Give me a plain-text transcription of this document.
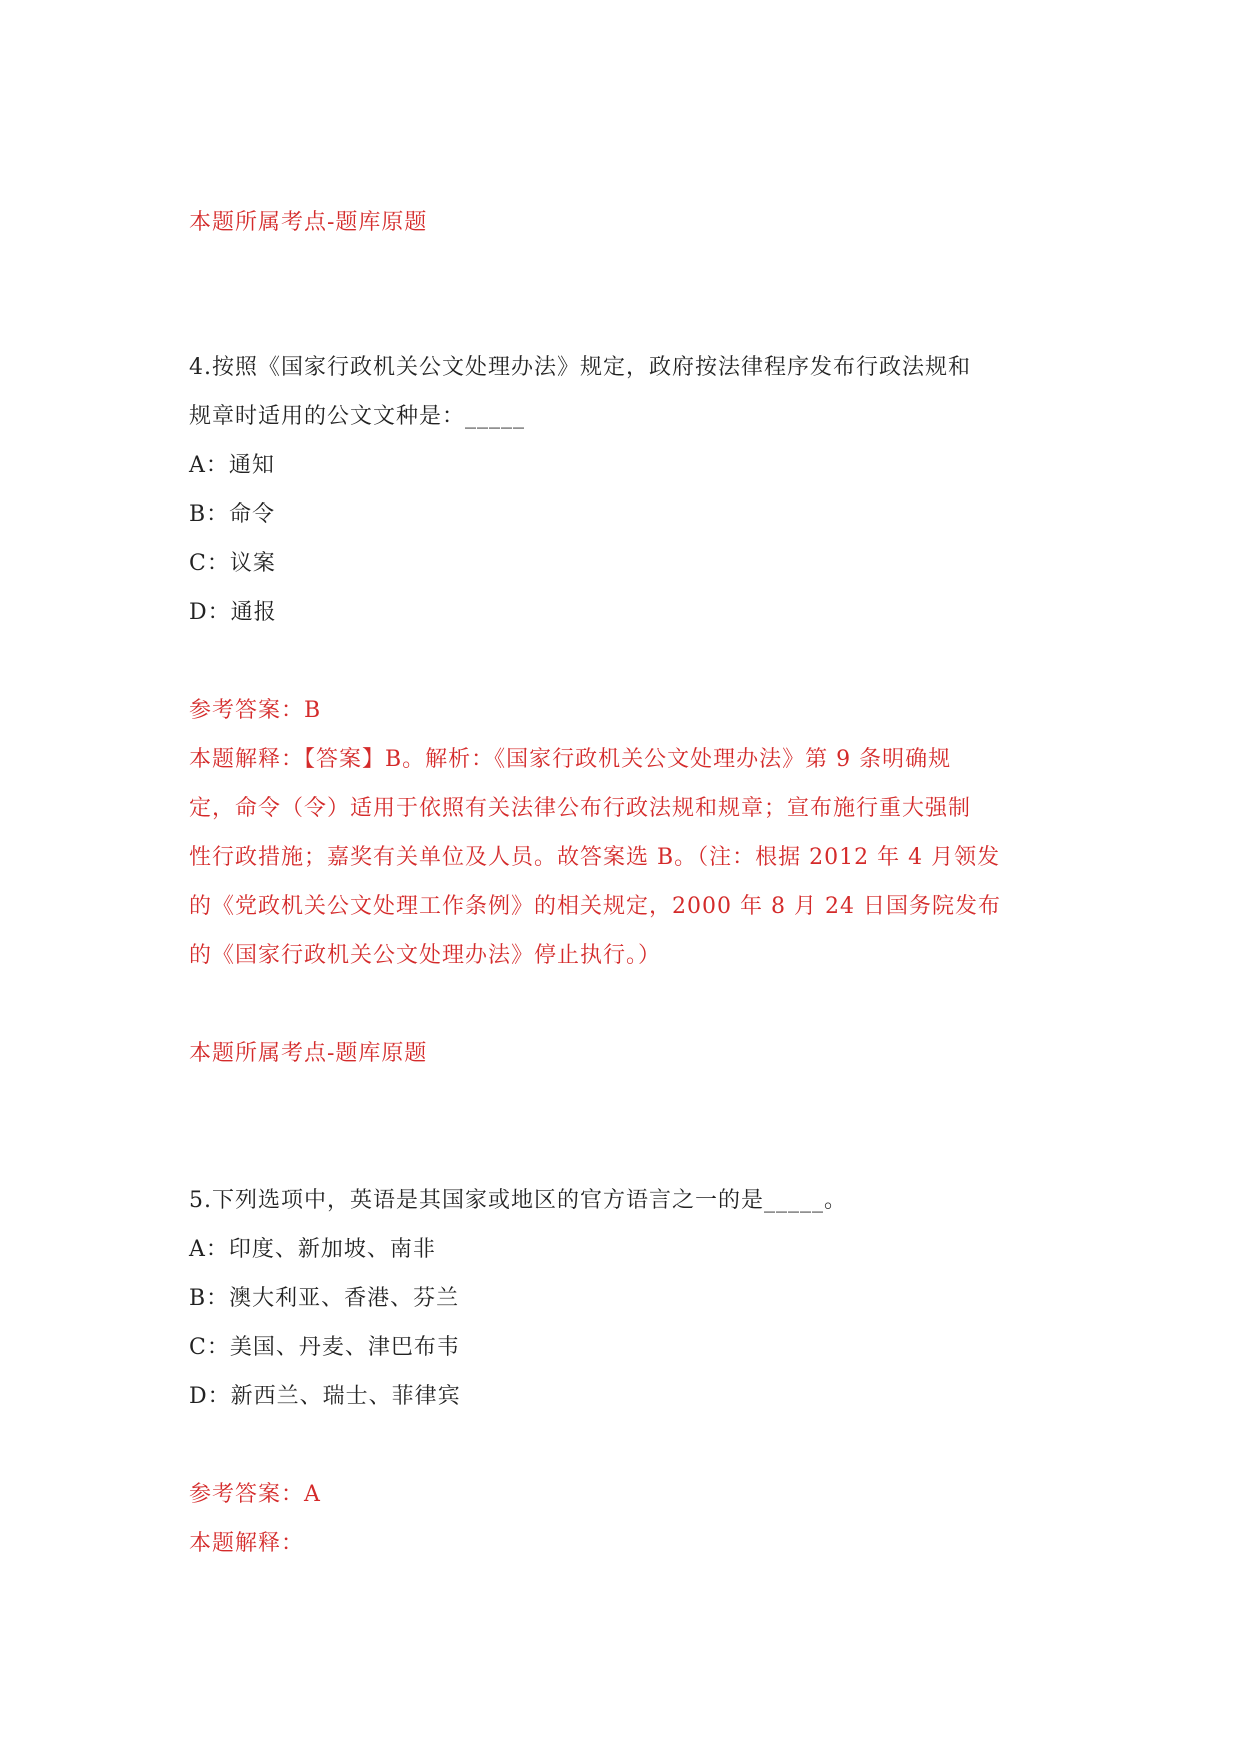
本题所属考点-题库原题

4.按照《国家行政机关公文处理办法》规定，政府按法律程序发布行政法规和

规章时适用的公文文种是：_____

A：通知

B：命令

C：议案

D：通报

参考答案：B

本题解释：【答案】B。解析：《国家行政机关公文处理办法》第 9 条明确规

定，命令（令）适用于依照有关法律公布行政法规和规章；宣布施行重大强制

性行政措施；嘉奖有关单位及人员。故答案选 B。（注：根据 2012 年 4 月领发

的《党政机关公文处理工作条例》的相关规定，2000 年 8 月 24 日国务院发布

的《国家行政机关公文处理办法》停止执行。）

本题所属考点-题库原题

5.下列选项中，英语是其国家或地区的官方语言之一的是_____。

A：印度、新加坡、南非

B：澳大利亚、香港、芬兰

C：美国、丹麦、津巴布韦

D：新西兰、瑞士、菲律宾

参考答案：A

本题解释：
